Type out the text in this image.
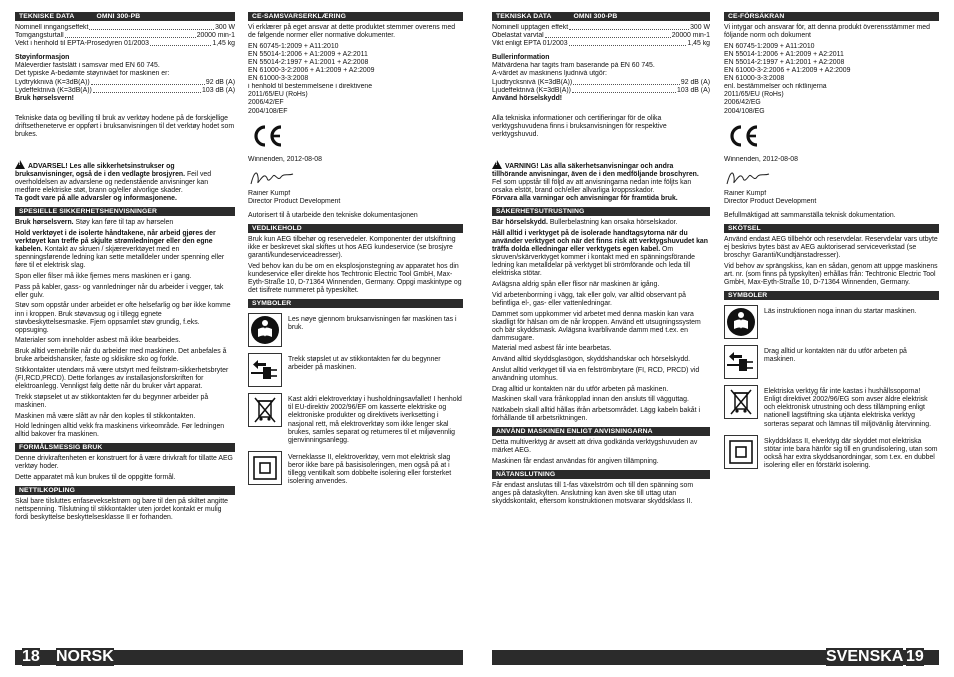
TEKNISKE DATA	OMNI 300-PB
Nominell inngangseffekt	300 W
Tomgangsturtall	20000 min-1
Vekt i henhold til EPTA-Prosedyren 01/2003	1,45 kg
Støyinformasjon
Måleverdier fastslått i samsvar med EN 60 745.
Det typiske A-bedømte støynivået for maskinen er:
Lydtrykknivå (K=3dB(A))	92 dB (A)
Lydeffektnivå (K=3dB(A))	103 dB (A)
Bruk hørselsvern!

Tekniske data og bevilling til bruk av verktøy hodene på de forskjellige driftsetheneterve er oppført i bruksanvisningen til det verktøy hodet som brukes.

!ADVARSEL! Les alle sikkerhetsinstrukser og bruksanvisninger, også de i den vedlagte brosjyren. Feil ved overholdelsen av advarslene og nedenstående anvisninger kan medføre elektriske støt, brann og/eller alvorlige skader.
Ta godt vare på alle advarsler og informasjonene.

SPESIELLE SIKKERHETSHENVISNINGER

Bruk hørselsvern. Støy kan føre til tap av hørselen

Hold verktøyet i de isolerte håndtakene, når arbeid gjøres der verktøyet kan treffe på skjulte strømledninger eller den egne kabelen. Kontakt av skruen / skjæreverktøyet med en spenningsførende ledning kan sette metalldeler under spenning eller føre til et elektrisk slag.

Spon eller filser må ikke fjernes mens maskinen er i gang.

Pass på kabler, gass- og vannledninger når du arbeider i vegger, tak eller gulv.

Støv som oppstår under arbeidet er ofte helsefarlig og bør ikke komme inn i kroppen. Bruk støvavsug og i tillegg egnete støvbeskyttelsesmaske. Fjern oppsamlet støv grundig, f.eks. oppsuging.

Materialer som inneholder asbest må ikke bearbeides.

Bruk alltid vernebrille når du arbeider med maskinen. Det anbefales å bruke arbeidshansker, faste og sklisikre sko og forkle.

Stikkontakter utendørs må være utstyrt med feilstrøm-sikkerhetsbryter (FI,RCD,PRCD). Dette forlanges av installasjonsforskriften for elektroanlegg. Vennligst følg dette når du bruker vårt apparat.

Trekk støpselet ut av stikkontakten før du begynner arbeider på maskinen.

Maskinen må være slått av når den koples til stikkontakten.

Hold ledningen alltid vekk fra maskinens virkeområde. Før ledningen alltid bakover fra maskinen.

FORMÅLSMESSIG BRUK

Denne drivkraftenheten er konstruert for å være drivkraft for tillatte AEG verktøy hoder.

Dette apparatet må kun brukes til de oppgitte formål.

NETTILKOPLING

Skal bare tilsluttes enfasevekselstrøm og bare til den på skiltet angitte nettspenning. Tilslutning til stikkontakter uten jordet kontakt er mulig fordi beskyttelse beskyttelsesklasse II er forhanden.

CE-SAMSVARSERKLÆRING

Vi erklærer på eget ansvar at dette produktet stemmer overens med de følgende normer eller normative dokumenter.

EN 60745-1:2009 + A11:2010
EN 55014-1:2006 + A1:2009 + A2:2011
EN 55014-2:1997 + A1:2001 + A2:2008
EN 61000-3-2:2006 + A1:2009 + A2:2009
EN 61000-3-3:2008
i henhold til bestemmelsene i direktivene
2011/65/EU (RoHs)
2006/42/EF
2004/108/EF
Winnenden, 2012-08-08
Rainer Kumpf
Director Product Development

Autorisert til å utarbeide den tekniske dokumentasjonen

VEDLIKEHOLD

Bruk kun AEG tilbehør og reservedeler. Komponenter der utskiftning ikke er beskrevet skal skiftes ut hos AEG kundeservice (se brosjyre garanti/kundeserviceadresser).

Ved behov kan du be om en eksplosjonstegning av apparatet hos din kundeservice eller direkte hos Techtronic Electric Tool GmbH, Max-Eyth-Straße 10, D-71364 Winnenden, Germany. Oppgi maskintype og det tisifrete nummeret på typeskiltet.

SYMBOLER
Les nøye gjennom bruksanvisningen før maskinen tas i bruk.
Trekk støpslet ut av stikkontakten før du begynner arbeider på maskinen.
Kast aldri elektroverktøy i husholdningsavfallet! I henhold til EU-direktiv 2002/96/EF om kasserte elektriske og elektroniske produkter og direktivets iverksetting i nasjonal rett, må elektroverktøy som ikke lenger skal brukes, samles separat og returneres til et miljøvennlig gjenvinningsanlegg.
Verneklasse II, elektroverktøy, vern mot elektrisk slag beror ikke bare på basisisoleringen, men også på at i tillegg ventilkalt som dobbelte isolering eller forsterket isolering anvendes.
TEKNISKA DATA	OMNI 300-PB
Nominell upptagen effekt	300 W
Obelastat varvtal	20000 min-1
Vikt enligt EPTA 01/2003	1,45 kg
Bullerinformation
Mätvärdena har tagits fram baserande på EN 60 745.
A-värdet av maskinens ljudnivå utgör:
Ljudtrycksnivå (K=3dB(A))	92 dB (A)
Ljudeffektnivå (K=3dB(A))	103 dB (A)
Använd hörselskydd!

Alla tekniska informationer och certifieringar för de olika verktygshuvudena finns i bruksanvisningen för respektive verktygshuvud.

!VARNING! Läs alla säkerhetsanvisningar och andra tillhörande anvisningar, även de i den medföljande broschyren. Fel som uppstår till följd av att anvisningarna nedan inte följts kan orsaka elstöt, brand och/eller allvarliga kroppsskador.
Förvara alla varningar och anvisningar för framtida bruk.

SÄKERHETSUTRUSTNING

Bär hörselskydd. Bullerbelastning kan orsaka hörselskador.

Håll alltid i verktyget på de isolerade handtagsytorna när du använder verktyget och när det finns risk att verktygshuvudet kan träffa dolda elledningar eller verktygets egen kabel. Om skruven/skärverktyget kommer i kontakt med en spänningsförande ledning kan metalldelar på verktyget bli strömförande och leda till elektriska stötar.

Avlägsna aldrig spån eller flisor när maskinen är igång.

Vid arbetenborrning i vägg, tak eller golv, var alltid observant på befintliga el-, gas- eller vattenledningar.

Dammet som uppkommer vid arbetet med denna maskin kan vara skadligt för hälsan om de når kroppen. Använd ett utsugningssystem och bär skyddsmask. Avlägsna kvarblivande damm med t.ex. en dammsugare.

Material med asbest får inte bearbetas.

Använd alltid skyddsglasögon, skyddshandskar och hörselskydd.

Anslut alltid verktyget till via en felströmbrytare (FI, RCD, PRCD) vid användning utomhus.

Drag alltid ur kontakten när du utför arbeten på maskinen.

Maskinen skall vara frånkopplad innan den ansluts till vägguttag.

Nätkabeln skall alltid hållas ifrån arbetsområdet. Lägg kabeln bakåt i förhållande till arbetsriktningen.

ANVÄND MASKINEN ENLIGT ANVISNINGARNA

Detta multiverktyg är avsett att driva godkända verktygshuvuden av märket AEG.

Maskinen får endast användas för angiven tillämpning.

NÄTANSLUTNING

Får endast anslutas till 1-fas växelström och till den spänning som anges på dataskylten. Anslutning kan även ske till uttag utan skyddskontakt, eftersom konstruktionen motsvarar skyddsklass II.

CE-FÖRSÄKRAN

Vi intygar och ansvarar för, att denna produkt överensstämmer med följande norm och dokument

EN 60745-1:2009 + A11:2010
EN 55014-1:2006 + A1:2009 + A2:2011
EN 55014-2:1997 + A1:2001 + A2:2008
EN 61000-3-2:2006 + A1:2009 + A2:2009
EN 61000-3-3:2008
enl. bestämmelser och riktlinjerna
2011/65/EU (RoHs)
2006/42/EG
2004/108/EG
Winnenden, 2012-08-08
Rainer Kumpf
Director Product Development

Befullmäktigad att sammanställa teknisk dokumentation.

SKÖTSEL

Använd endast AEG tillbehör och reservdelar. Reservdelar vars utbyte ej beskrivs bytes bäst av AEG auktoriserad serviceverkstad (se broschyr Garanti/Kundtjänstadresser).

Vid behov av sprängskiss, kan en sådan, genom att uppge maskinens art. nr. (som finns på typskylten) erhållas från: Techtronic Electric Tool GmbH, Max-Eyth-Straße 10, D-71364 Winnenden, Germany.

SYMBOLER
Läs instruktionen noga innan du startar maskinen.
Drag alltid ur kontakten när du utför arbeten på maskinen.
Elektriska verktyg får inte kastas i hushållssoporna! Enligt direktivet 2002/96/EG som avser äldre elektrisk och elektronisk utrustning och dess tillämpning enligt nationell lagstiftning ska utjänta elektriska verktyg sorteras separat och lämnas till miljövänlig återvinning.
Skyddsklass II, elverktyg där skyddet mot elektriska stötar inte bara hänför sig till en grundisolering, utan som också har extra skyddsanordningar, som t.ex. en dubbel isolering eller en förstärkt isolering.
18 NORSK	SVENSKA 19
